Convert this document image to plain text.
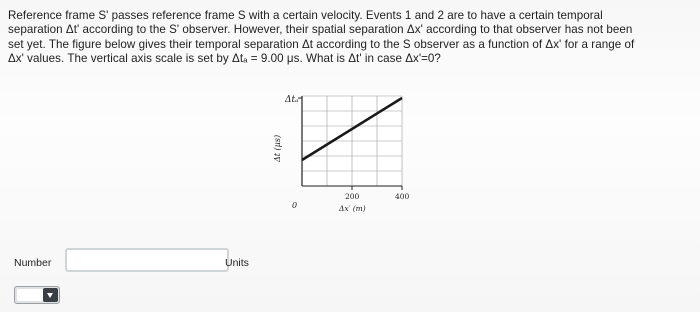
Reference frame S' passes reference frame S with a certain velocity. Events 1 and 2 are to have a certain temporal

separation Δt' according to the S' observer. However, their spatial separation Δx' according to that observer has not been

set yet. The figure below gives their temporal separation Δt according to the S observer as a function of Δx' for a range of

Δx' values. The vertical axis scale is set by Δtₐ = 9.00 μs. What is Δt' in case Δx'=0?

Δtₐ
Δt (μs)
0
200	400
Δx′ (m)
Number	Units
